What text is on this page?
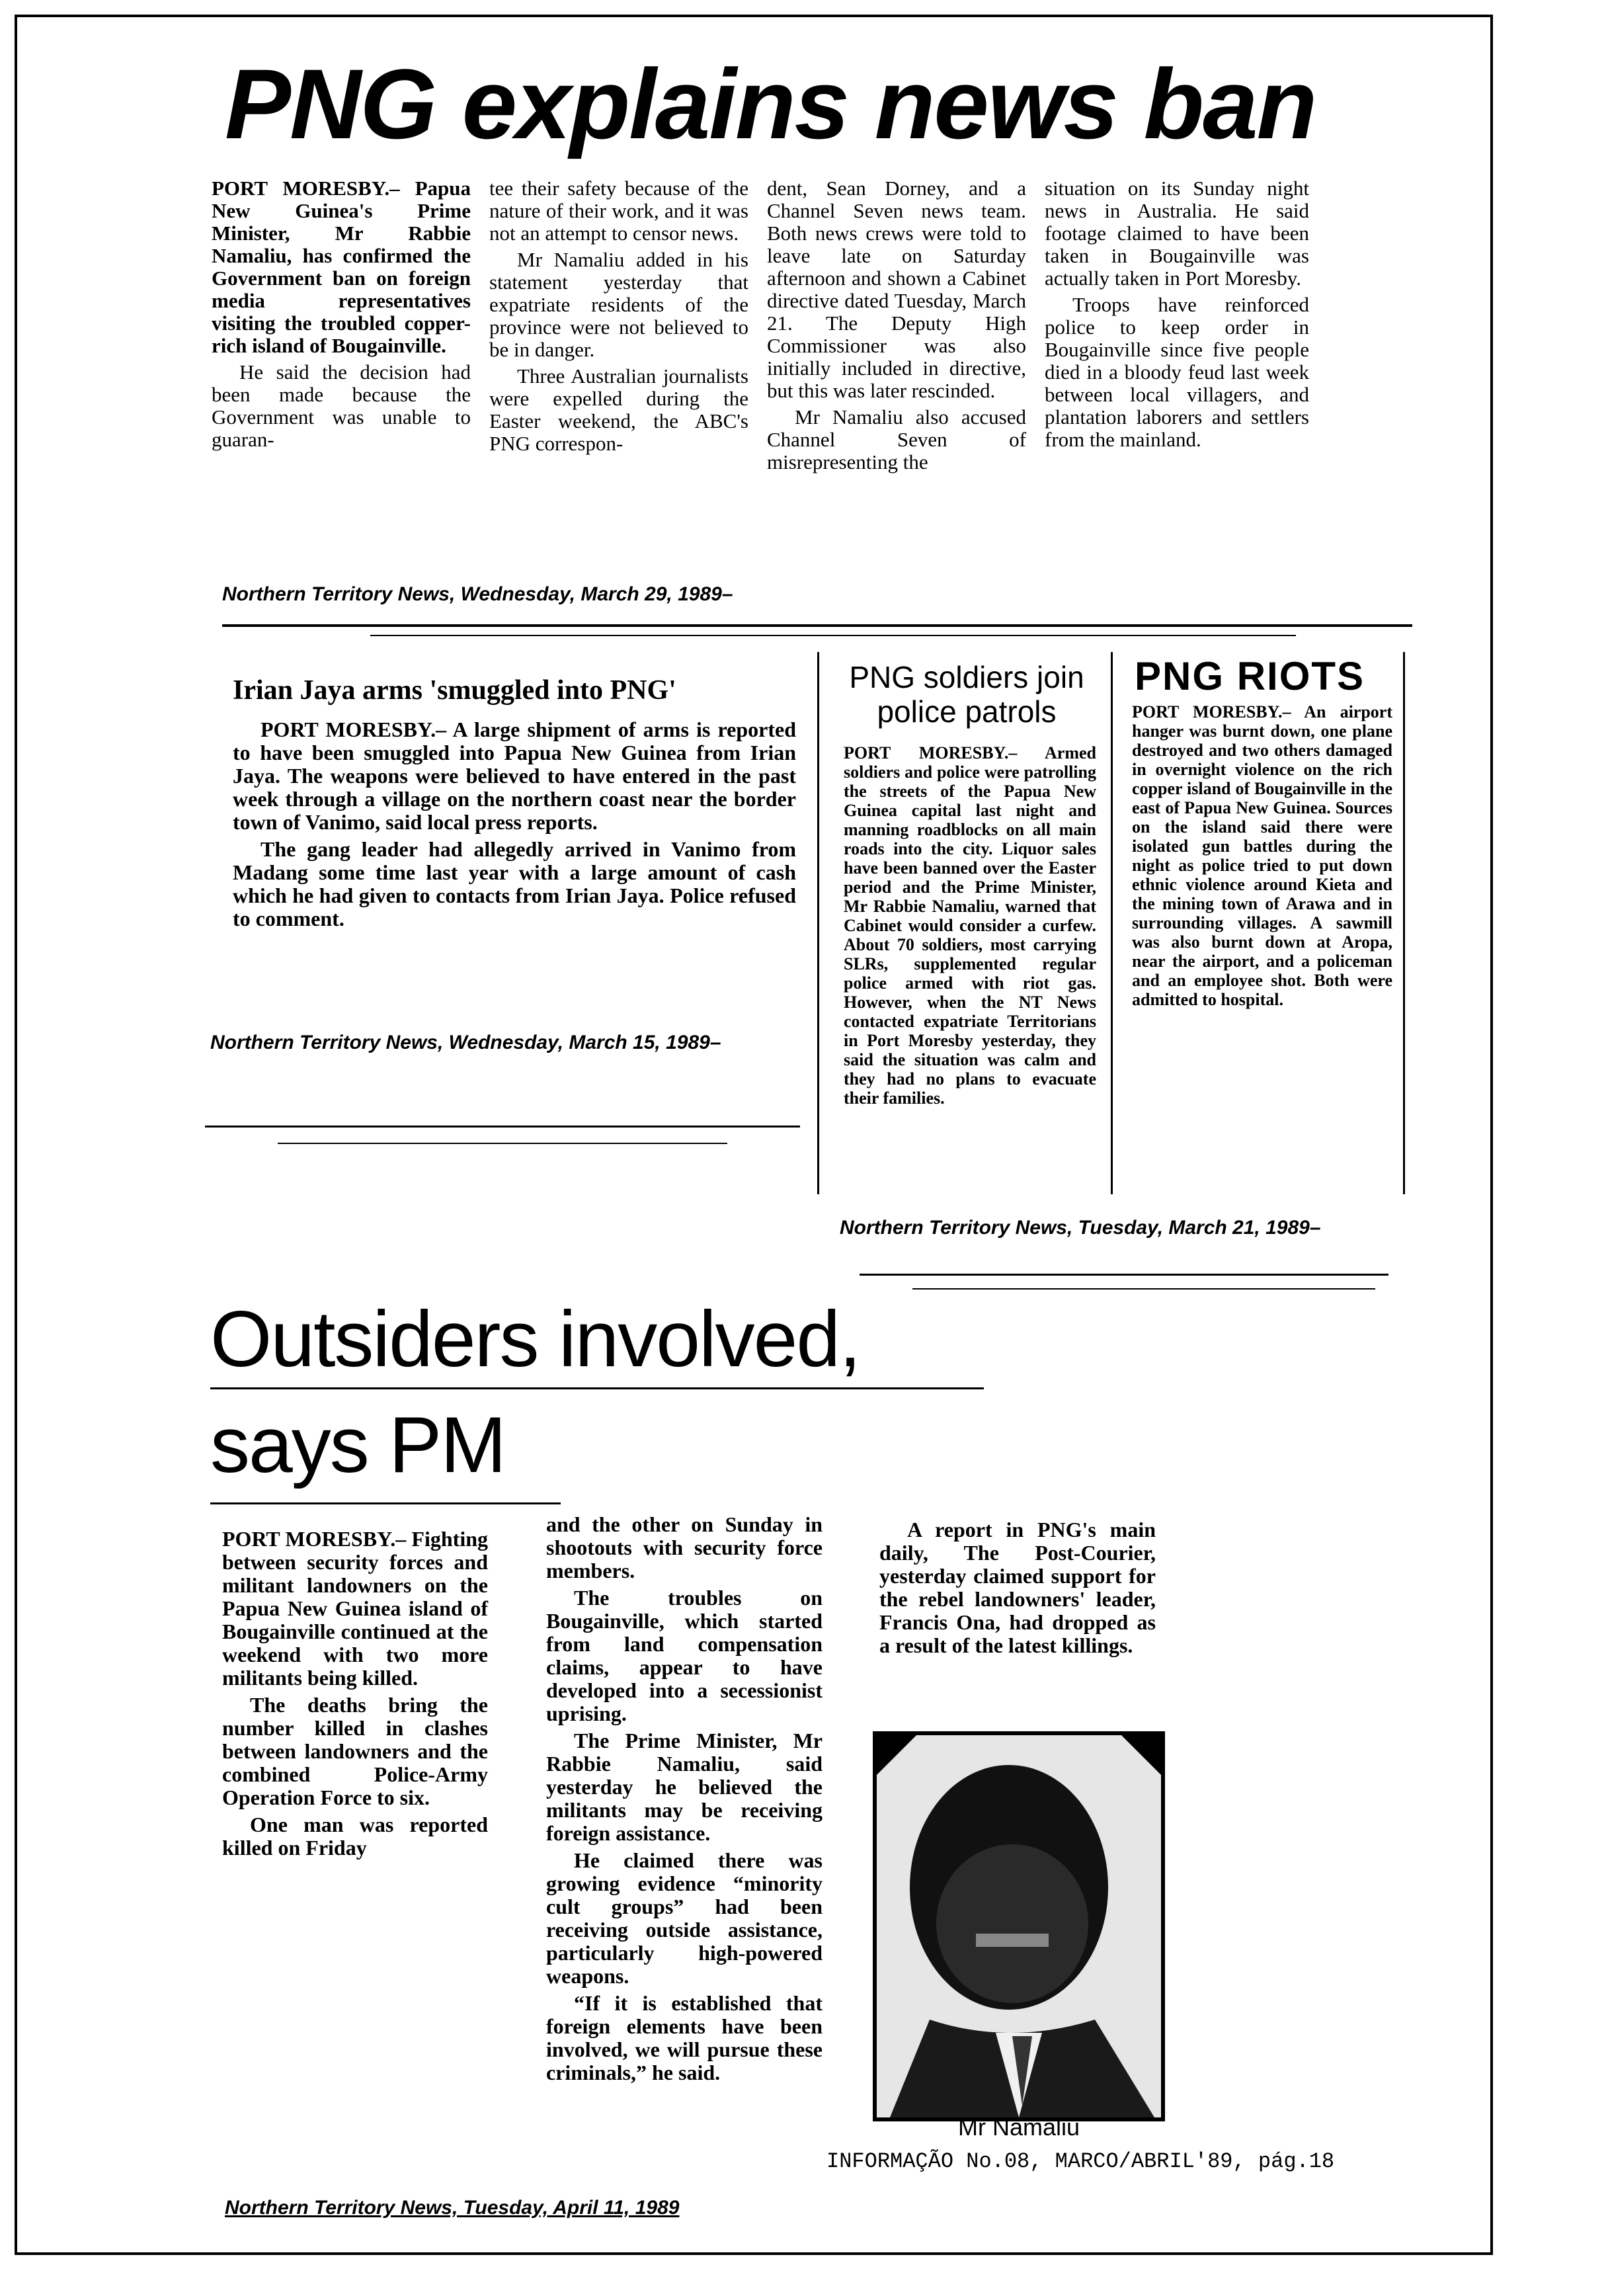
PNG explains news ban

PORT MORESBY.– Papua New Guinea's Prime Minister, Mr Rabbie Namaliu, has confirmed the Government ban on foreign media representatives visiting the troubled copper-rich island of Bougainville.

He said the decision had been made because the Government was unable to guaran-

tee their safety because of the nature of their work, and it was not an attempt to censor news.

Mr Namaliu added in his statement yesterday that expatriate residents of the province were not believed to be in danger.

Three Australian journalists were expelled during the Easter weekend, the ABC's PNG correspon-

dent, Sean Dorney, and a Channel Seven news team. Both news crews were told to leave late on Saturday afternoon and shown a Cabinet directive dated Tuesday, March 21. The Deputy High Commissioner was also initially included in directive, but this was later rescinded.

Mr Namaliu also accused Channel Seven of misrepresenting the

situation on its Sunday night news in Australia. He said footage claimed to have been taken in Bougainville was actually taken in Port Moresby.

Troops have reinforced police to keep order in Bougainville since five people died in a bloody feud last week between local villagers, and plantation laborers and settlers from the mainland.

Northern Territory News, Wednesday, March 29, 1989–
Irian Jaya arms 'smuggled into PNG'

PORT MORESBY.– A large shipment of arms is reported to have been smuggled into Papua New Guinea from Irian Jaya. The weapons were believed to have entered in the past week through a village on the northern coast near the border town of Vanimo, said local press reports.

The gang leader had allegedly arrived in Vanimo from Madang some time last year with a large amount of cash which he had given to contacts from Irian Jaya. Police refused to comment.

Northern Territory News, Wednesday, March 15, 1989–
PNG soldiers join police patrols

PORT MORESBY.– Armed soldiers and police were patrolling the streets of the Papua New Guinea capital last night and manning roadblocks on all main roads into the city. Liquor sales have been banned over the Easter period and the Prime Minister, Mr Rabbie Namaliu, warned that Cabinet would consider a curfew. About 70 soldiers, most carrying SLRs, supplemented regular police armed with riot gas. However, when the NT News contacted expatriate Territorians in Port Moresby yesterday, they said the situation was calm and they had no plans to evacuate their families.

PNG RIOTS

PORT MORESBY.– An airport hanger was burnt down, one plane destroyed and two others damaged in overnight violence on the rich copper island of Bougainville in the east of Papua New Guinea. Sources on the island said there were isolated gun battles during the night as police tried to put down ethnic violence around Kieta and the mining town of Arawa and in surrounding villages. A sawmill was also burnt down at Aropa, near the airport, and a policeman and an employee shot. Both were admitted to hospital.

Northern Territory News, Tuesday, March 21, 1989–
Outsiders involved,
says PM

PORT MORESBY.– Fighting between security forces and militant landowners on the Papua New Guinea island of Bougainville continued at the weekend with two more militants being killed.

The deaths bring the number killed in clashes between landowners and the combined Police-Army Operation Force to six.

One man was reported killed on Friday

and the other on Sunday in shootouts with security force members.

The troubles on Bougainville, which started from land compensation claims, appear to have developed into a secessionist uprising.

The Prime Minister, Mr Rabbie Namaliu, said yesterday he believed the militants may be receiving foreign assistance.

He claimed there was growing evidence “minority cult groups” had been receiving outside assistance, particularly high-powered weapons.

“If it is established that foreign elements have been involved, we will pursue these criminals,” he said.

A report in PNG's main daily, The Post-Courier, yesterday claimed support for the rebel landowners' leader, Francis Ona, had dropped as a result of the latest killings.

Mr Namaliu
Northern Territory News, Tuesday, April 11, 1989
INFORMAÇÃO No.08, MARCO/ABRIL'89, pág.18
